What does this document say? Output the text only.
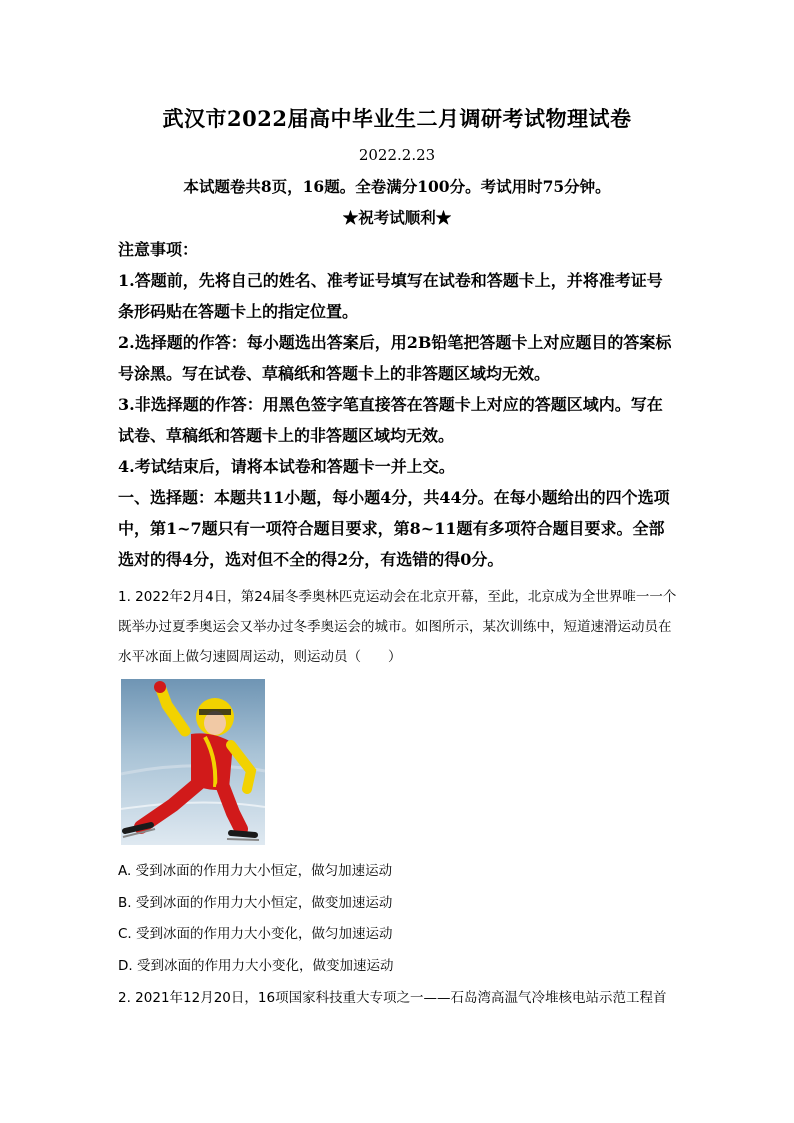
武汉市2022届高中毕业生二月调研考试物理试卷
2022.2.23
本试题卷共8页，16题。全卷满分100分。考试用时75分钟。
★祝考试顺利★

注意事项：

1.答题前，先将自己的姓名、准考证号填写在试卷和答题卡上，并将准考证号条形码贴在答题卡上的指定位置。

2.选择题的作答：每小题选出答案后，用2B铅笔把答题卡上对应题目的答案标号涂黑。写在试卷、草稿纸和答题卡上的非答题区域均无效。

3.非选择题的作答：用黑色签字笔直接答在答题卡上对应的答题区域内。写在试卷、草稿纸和答题卡上的非答题区域均无效。

4.考试结束后，请将本试卷和答题卡一并上交。

一、选择题：本题共11小题，每小题4分，共44分。在每小题给出的四个选项中，第1~7题只有一项符合题目要求，第8~11题有多项符合题目要求。全部选对的得4分，选对但不全的得2分，有选错的得0分。

1. 2022年2月4日，第24届冬季奥林匹克运动会在北京开幕，至此，北京成为全世界唯一一个既举办过夏季奥运会又举办过冬季奥运会的城市。如图所示，某次训练中，短道速滑运动员在水平冰面上做匀速圆周运动，则运动员（　　）
A. 受到冰面的作用力大小恒定，做匀加速运动
B. 受到冰面的作用力大小恒定，做变加速运动
C. 受到冰面的作用力大小变化，做匀加速运动
D. 受到冰面的作用力大小变化，做变加速运动
2. 2021年12月20日，16项国家科技重大专项之一——石岛湾高温气冷堆核电站示范工程首
